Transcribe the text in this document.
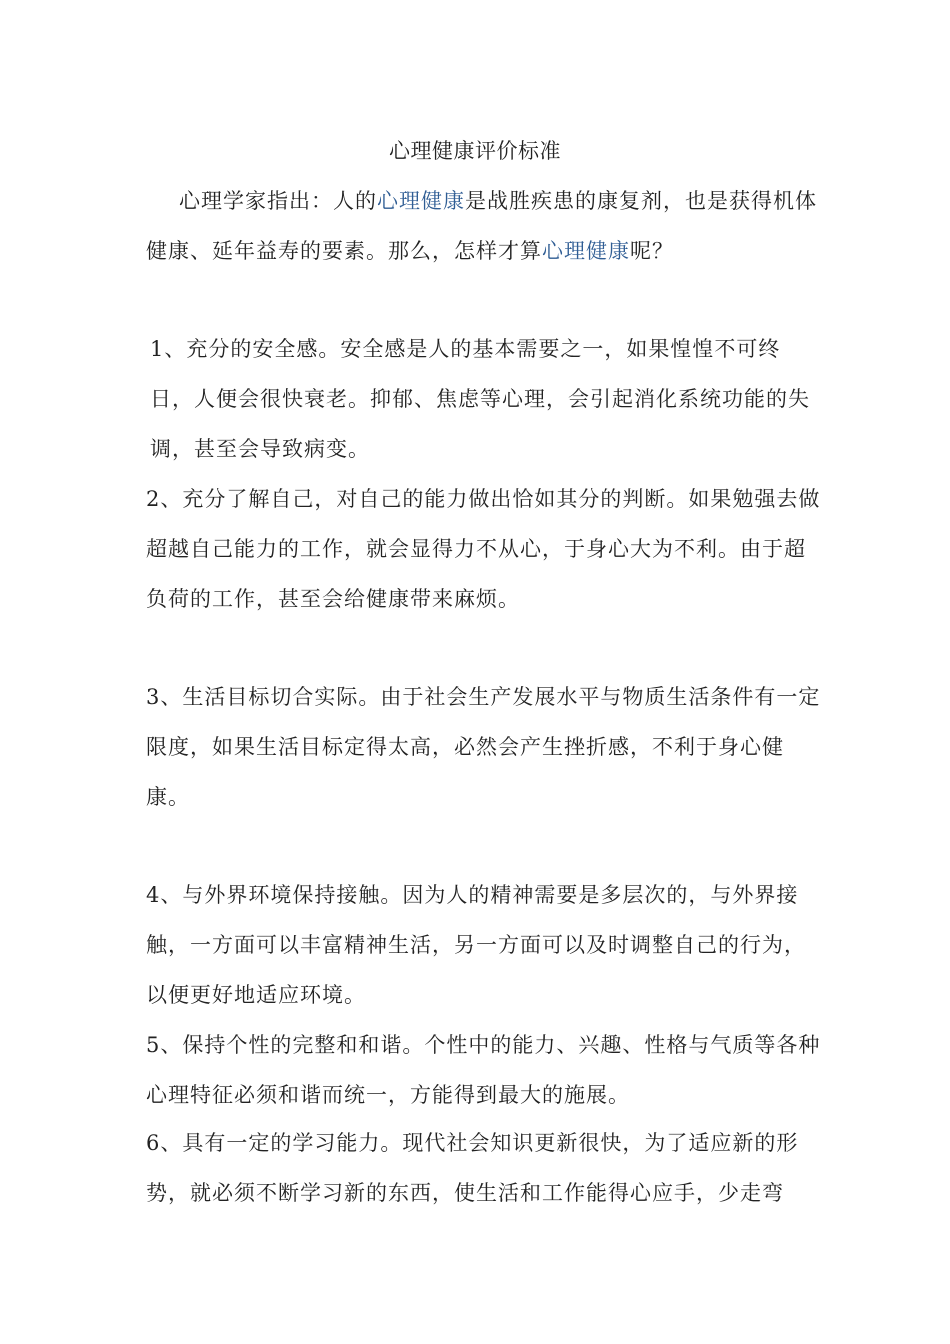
心理健康评价标准

心理学家指出：人的心理健康是战胜疾患的康复剂，也是获得机体健康、延年益寿的要素。那么，怎样才算心理健康呢？

1、充分的安全感。安全感是人的基本需要之一，如果惶惶不可终日，人便会很快衰老。抑郁、焦虑等心理，会引起消化系统功能的失调，甚至会导致病变。

2、充分了解自己，对自己的能力做出恰如其分的判断。如果勉强去做超越自己能力的工作，就会显得力不从心，于身心大为不利。由于超负荷的工作，甚至会给健康带来麻烦。

3、生活目标切合实际。由于社会生产发展水平与物质生活条件有一定限度，如果生活目标定得太高，必然会产生挫折感，不利于身心健康。

4、与外界环境保持接触。因为人的精神需要是多层次的，与外界接触，一方面可以丰富精神生活，另一方面可以及时调整自己的行为，以便更好地适应环境。

5、保持个性的完整和和谐。个性中的能力、兴趣、性格与气质等各种心理特征必须和谐而统一，方能得到最大的施展。

6、具有一定的学习能力。现代社会知识更新很快，为了适应新的形势，就必须不断学习新的东西，使生活和工作能得心应手，少走弯
